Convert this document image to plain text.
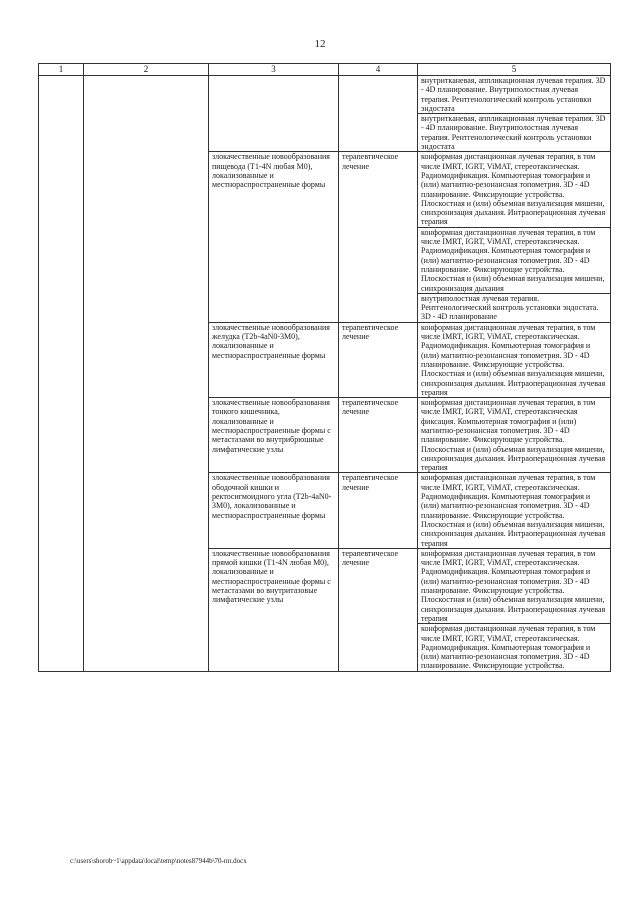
12
1	2	3	4	5
				внутритканевая, аппликационная лучевая терапия. 3D - 4D планирование. Внутриполостная лучевая терапия. Рентгенологический контроль установки эндостата
				внутритканевая, аппликационная лучевая терапия. 3D - 4D планирование. Внутриполостная лучевая терапия. Рентгенологический контроль установки эндостата
		злокачественные новообразования пищевода (T1-4N любая M0), локализованные и местнораспространенные формы	терапевтическое лечение	конформная дистанционная лучевая терапия, в том числе IMRT, IGRT, ViMAT, стереотаксическая. Радиомодификация. Компьютерная томография и (или) магнитно-резонансная топометрия. 3D - 4D планирование. Фиксирующие устройства. Плоскостная и (или) объемная визуализация мишени, синхронизация дыхания. Интраоперационная лучевая терапия
				конформная дистанционная лучевая терапия, в том числе IMRT, IGRT, ViMAT, стереотаксическая. Радиомодификация. Компьютерная томография и (или) магнитно-резонансная топометрия. 3D - 4D планирование. Фиксирующие устройства. Плоскостная и (или) объемная визуализация мишени, синхронизация дыхания
				внутриполостная лучевая терапия. Рентгенологический контроль установки эндостата. 3D - 4D планирование
		злокачественные новообразования желудка (T2b-4aN0-3M0), локализованные и местнораспространенные формы	терапевтическое лечение	конформная дистанционная лучевая терапия, в том числе IMRT, IGRT, ViMAT, стереотаксическая. Радиомодификация. Компьютерная томография и (или) магнитно-резонансная топометрия. 3D - 4D планирование. Фиксирующие устройства. Плоскостная и (или) объемная визуализация мишени, синхронизация дыхания. Интраоперационная лучевая терапия
		злокачественные новообразования тонкого кишечника, локализованные и местнораспространенные формы с метастазами во внутрибрюшные лимфатические узлы	терапевтическое лечение	конформная дистанционная лучевая терапия, в том числе IMRT, IGRT, ViMAT, стереотаксическая фиксация. Компьютерная томография и (или) магнитно-резонансная топометрия. 3D - 4D планирование. Фиксирующие устройства. Плоскостная и (или) объемная визуализация мишени, синхронизация дыхания. Интраоперационная лучевая терапия
		злокачественные новообразования ободочной кишки и ректосигмоидного угла (T2b-4aN0-3M0), локализованные и местнораспространенные формы	терапевтическое лечение	конформная дистанционная лучевая терапия, в том числе IMRT, IGRT, ViMAT, стереотаксическая. Радиомодификация. Компьютерная томография и (или) магнитно-резонансная топометрия. 3D - 4D планирование. Фиксирующие устройства. Плоскостная и (или) объемная визуализация мишени, синхронизация дыхания. Интраоперационная лучевая терапия
		злокачественные новообразования прямой кишки (T1-4N любая M0), локализованные и местнораспространенные формы с метастазами во внутритазовые лимфатические узлы	терапевтическое лечение	конформная дистанционная лучевая терапия, в том числе IMRT, IGRT, ViMAT, стереотаксическая. Радиомодификация. Компьютерная томография и (или) магнитно-резонансная топометрия. 3D - 4D планирование. Фиксирующие устройства. Плоскостная и (или) объемная визуализация мишени, синхронизация дыхания. Интраоперационная лучевая терапия
				конформная дистанционная лучевая терапия, в том числе IMRT, IGRT, ViMAT, стереотаксическая. Радиомодификация. Компьютерная томография и (или) магнитно-резонансная топометрия. 3D - 4D планирование. Фиксирующие устройства.
c:\users\shorob~1\appdata\local\temp\notes87944b\70-пп.docx
